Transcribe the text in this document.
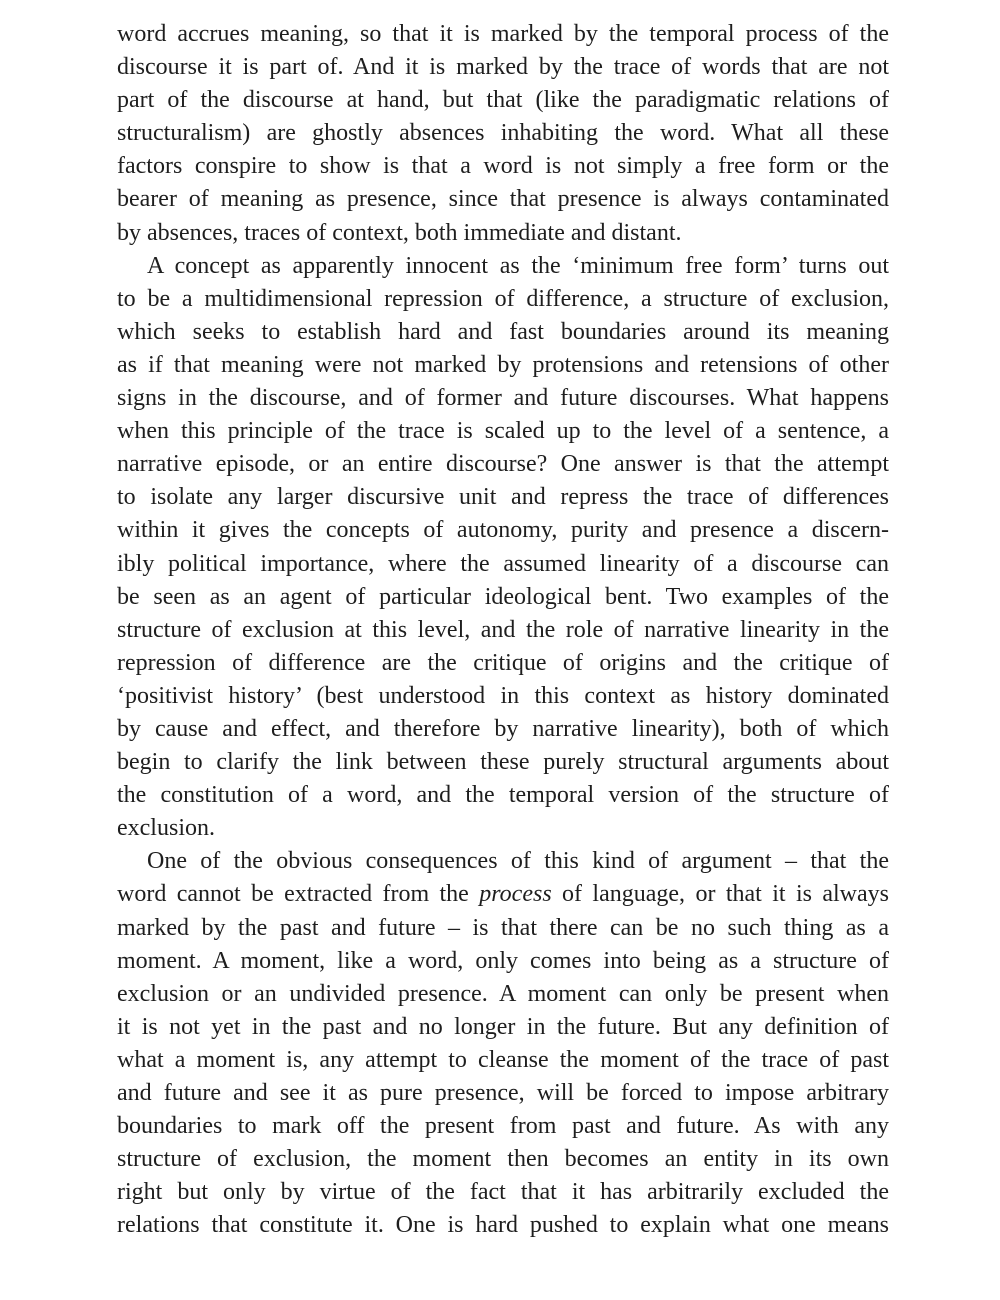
word accrues meaning, so that it is marked by the temporal process of the
discourse it is part of. And it is marked by the trace of words that are not
part of the discourse at hand, but that (like the paradigmatic relations of
structuralism) are ghostly absences inhabiting the word. What all these
factors conspire to show is that a word is not simply a free form or the
bearer of meaning as presence, since that presence is always contaminated
by absences, traces of context, both immediate and distant.
A concept as apparently innocent as the ‘minimum free form’ turns out
to be a multidimensional repression of difference, a structure of exclusion,
which seeks to establish hard and fast boundaries around its meaning
as if that meaning were not marked by protensions and retensions of other
signs in the discourse, and of former and future discourses. What happens
when this principle of the trace is scaled up to the level of a sentence, a
narrative episode, or an entire discourse? One answer is that the attempt
to isolate any larger discursive unit and repress the trace of differences
within it gives the concepts of autonomy, purity and presence a discern-
ibly political importance, where the assumed linearity of a discourse can
be seen as an agent of particular ideological bent. Two examples of the
structure of exclusion at this level, and the role of narrative linearity in the
repression of difference are the critique of origins and the critique of
‘positivist history’ (best understood in this context as history dominated
by cause and effect, and therefore by narrative linearity), both of which
begin to clarify the link between these purely structural arguments about
the constitution of a word, and the temporal version of the structure of
exclusion.
One of the obvious consequences of this kind of argument – that the
word cannot be extracted from the process of language, or that it is always
marked by the past and future – is that there can be no such thing as a
moment. A moment, like a word, only comes into being as a structure of
exclusion or an undivided presence. A moment can only be present when
it is not yet in the past and no longer in the future. But any definition of
what a moment is, any attempt to cleanse the moment of the trace of past
and future and see it as pure presence, will be forced to impose arbitrary
boundaries to mark off the present from past and future. As with any
structure of exclusion, the moment then becomes an entity in its own
right but only by virtue of the fact that it has arbitrarily excluded the
relations that constitute it. One is hard pushed to explain what one means
